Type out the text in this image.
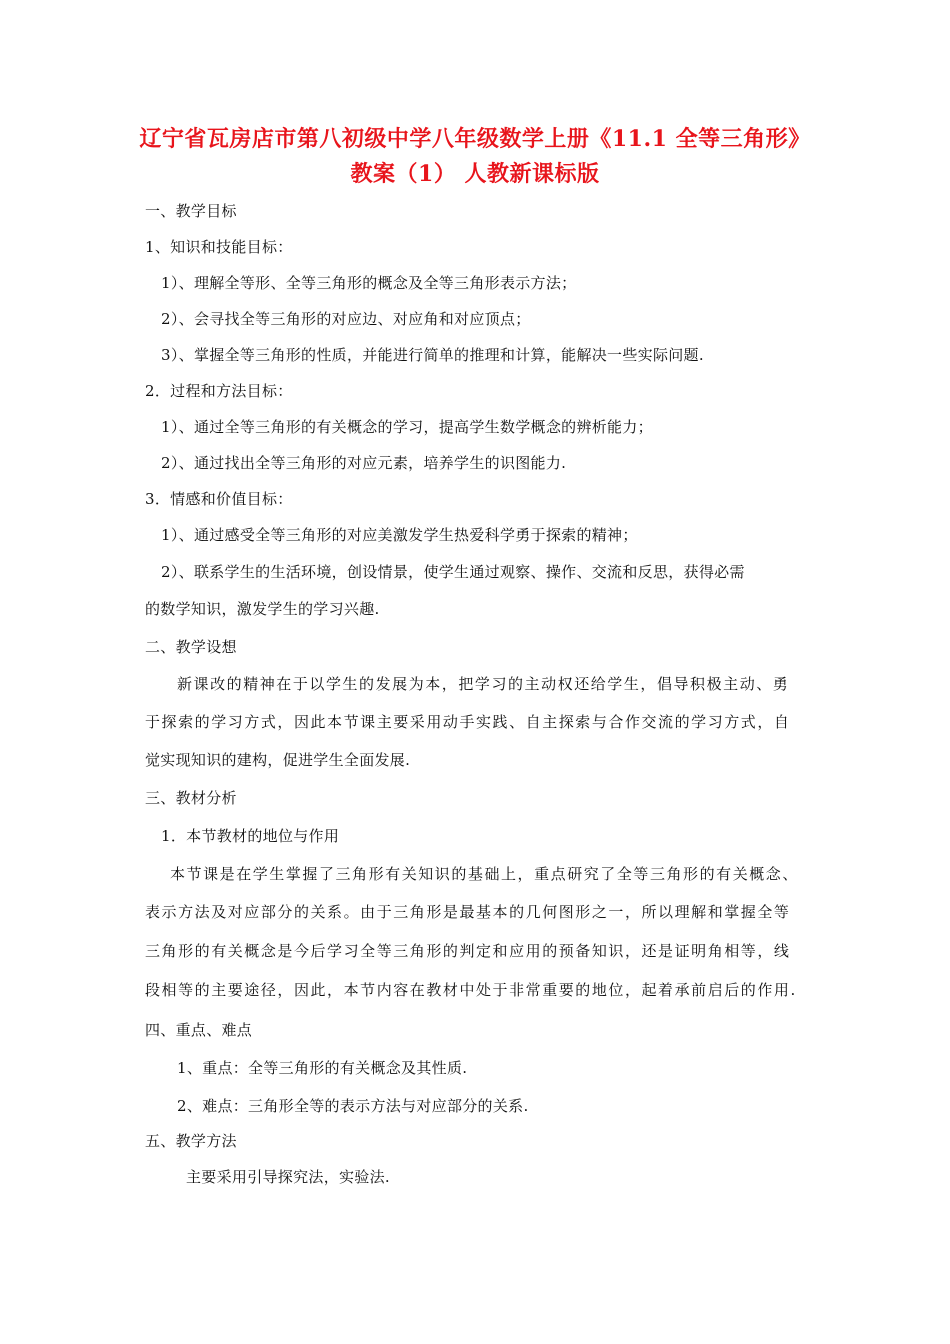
辽宁省瓦房店市第八初级中学八年级数学上册《11.1 全等三角形》
教案（1） 人教新课标版
一、教学目标
1、知识和技能目标：
1）、理解全等形、全等三角形的概念及全等三角形表示方法；
2）、会寻找全等三角形的对应边、对应角和对应顶点；
3）、掌握全等三角形的性质，并能进行简单的推理和计算，能解决一些实际问题.
2．过程和方法目标：
1）、通过全等三角形的有关概念的学习，提高学生数学概念的辨析能力；
2）、通过找出全等三角形的对应元素，培养学生的识图能力.
3．情感和价值目标：
1）、通过感受全等三角形的对应美激发学生热爱科学勇于探索的精神；
2）、联系学生的生活环境，创设情景，使学生通过观察、操作、交流和反思，获得必需
的数学知识，激发学生的学习兴趣.
二、教学设想
新课改的精神在于以学生的发展为本，把学习的主动权还给学生，倡导积极主动、勇
于探索的学习方式，因此本节课主要采用动手实践、自主探索与合作交流的学习方式，自
觉实现知识的建构，促进学生全面发展.
三、教材分析
1．本节教材的地位与作用
本节课是在学生掌握了三角形有关知识的基础上，重点研究了全等三角形的有关概念、
表示方法及对应部分的关系。由于三角形是最基本的几何图形之一，所以理解和掌握全等
三角形的有关概念是今后学习全等三角形的判定和应用的预备知识，还是证明角相等，线
段相等的主要途径，因此，本节内容在教材中处于非常重要的地位，起着承前启后的作用.
四、重点、难点
1、重点：全等三角形的有关概念及其性质.
2、难点：三角形全等的表示方法与对应部分的关系.
五、教学方法
主要采用引导探究法，实验法.
